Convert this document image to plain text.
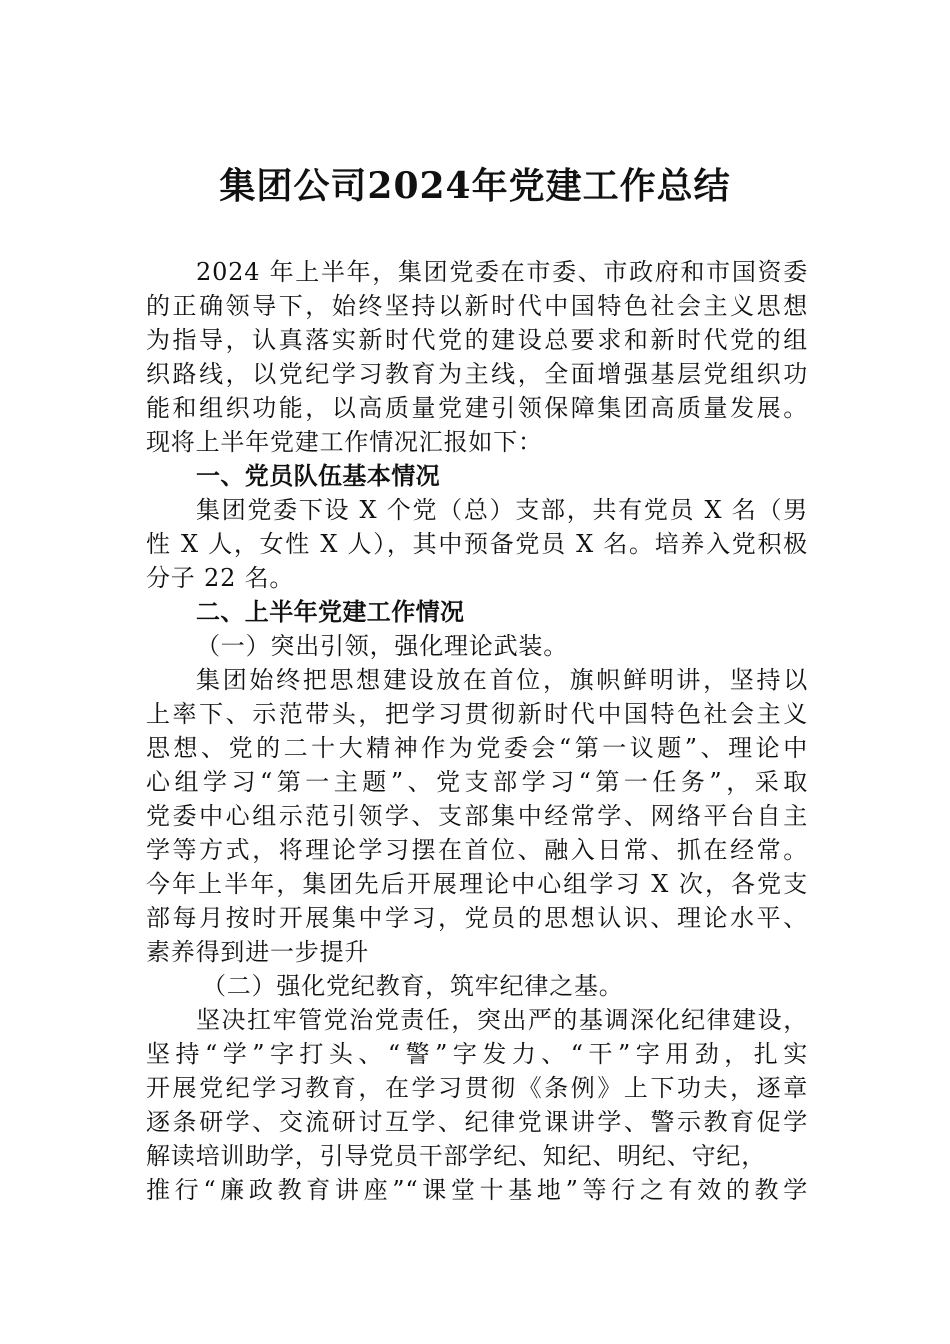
集团公司2024年党建工作总结
2024 年上半年，集团党委在市委、市政府和市国资委
的正确领导下，始终坚持以新时代中国特色社会主义思想
为指导，认真落实新时代党的建设总要求和新时代党的组
织路线，以党纪学习教育为主线，全面增强基层党组织功
能和组织功能，以高质量党建引领保障集团高质量发展。
现将上半年党建工作情况汇报如下：
一、党员队伍基本情况
集团党委下设 X 个党（总）支部，共有党员 X 名（男
性 X 人，女性 X 人），其中预备党员 X 名。培养入党积极
分子 22 名。
二、上半年党建工作情况
（一）突出引领，强化理论武装。
集团始终把思想建设放在首位，旗帜鲜明讲，坚持以
上率下、示范带头，把学习贯彻新时代中国特色社会主义
思想、党的二十大精神作为党委会“第一议题”、理论中
心组学习“第一主题”、党支部学习“第一任务”，采取
党委中心组示范引领学、支部集中经常学、网络平台自主
学等方式，将理论学习摆在首位、融入日常、抓在经常。
今年上半年，集团先后开展理论中心组学习 X 次，各党支
部每月按时开展集中学习，党员的思想认识、理论水平、
素养得到进一步提升
（二）强化党纪教育，筑牢纪律之基。
坚决扛牢管党治党责任，突出严的基调深化纪律建设，
坚持“学”字打头、“警”字发力、“干”字用劲，扎实
开展党纪学习教育，在学习贯彻《条例》上下功夫，逐章
逐条研学、交流研讨互学、纪律党课讲学、警示教育促学
解读培训助学，引导党员干部学纪、知纪、明纪、守纪，
推行“廉政教育讲座”“课堂十基地”等行之有效的教学
